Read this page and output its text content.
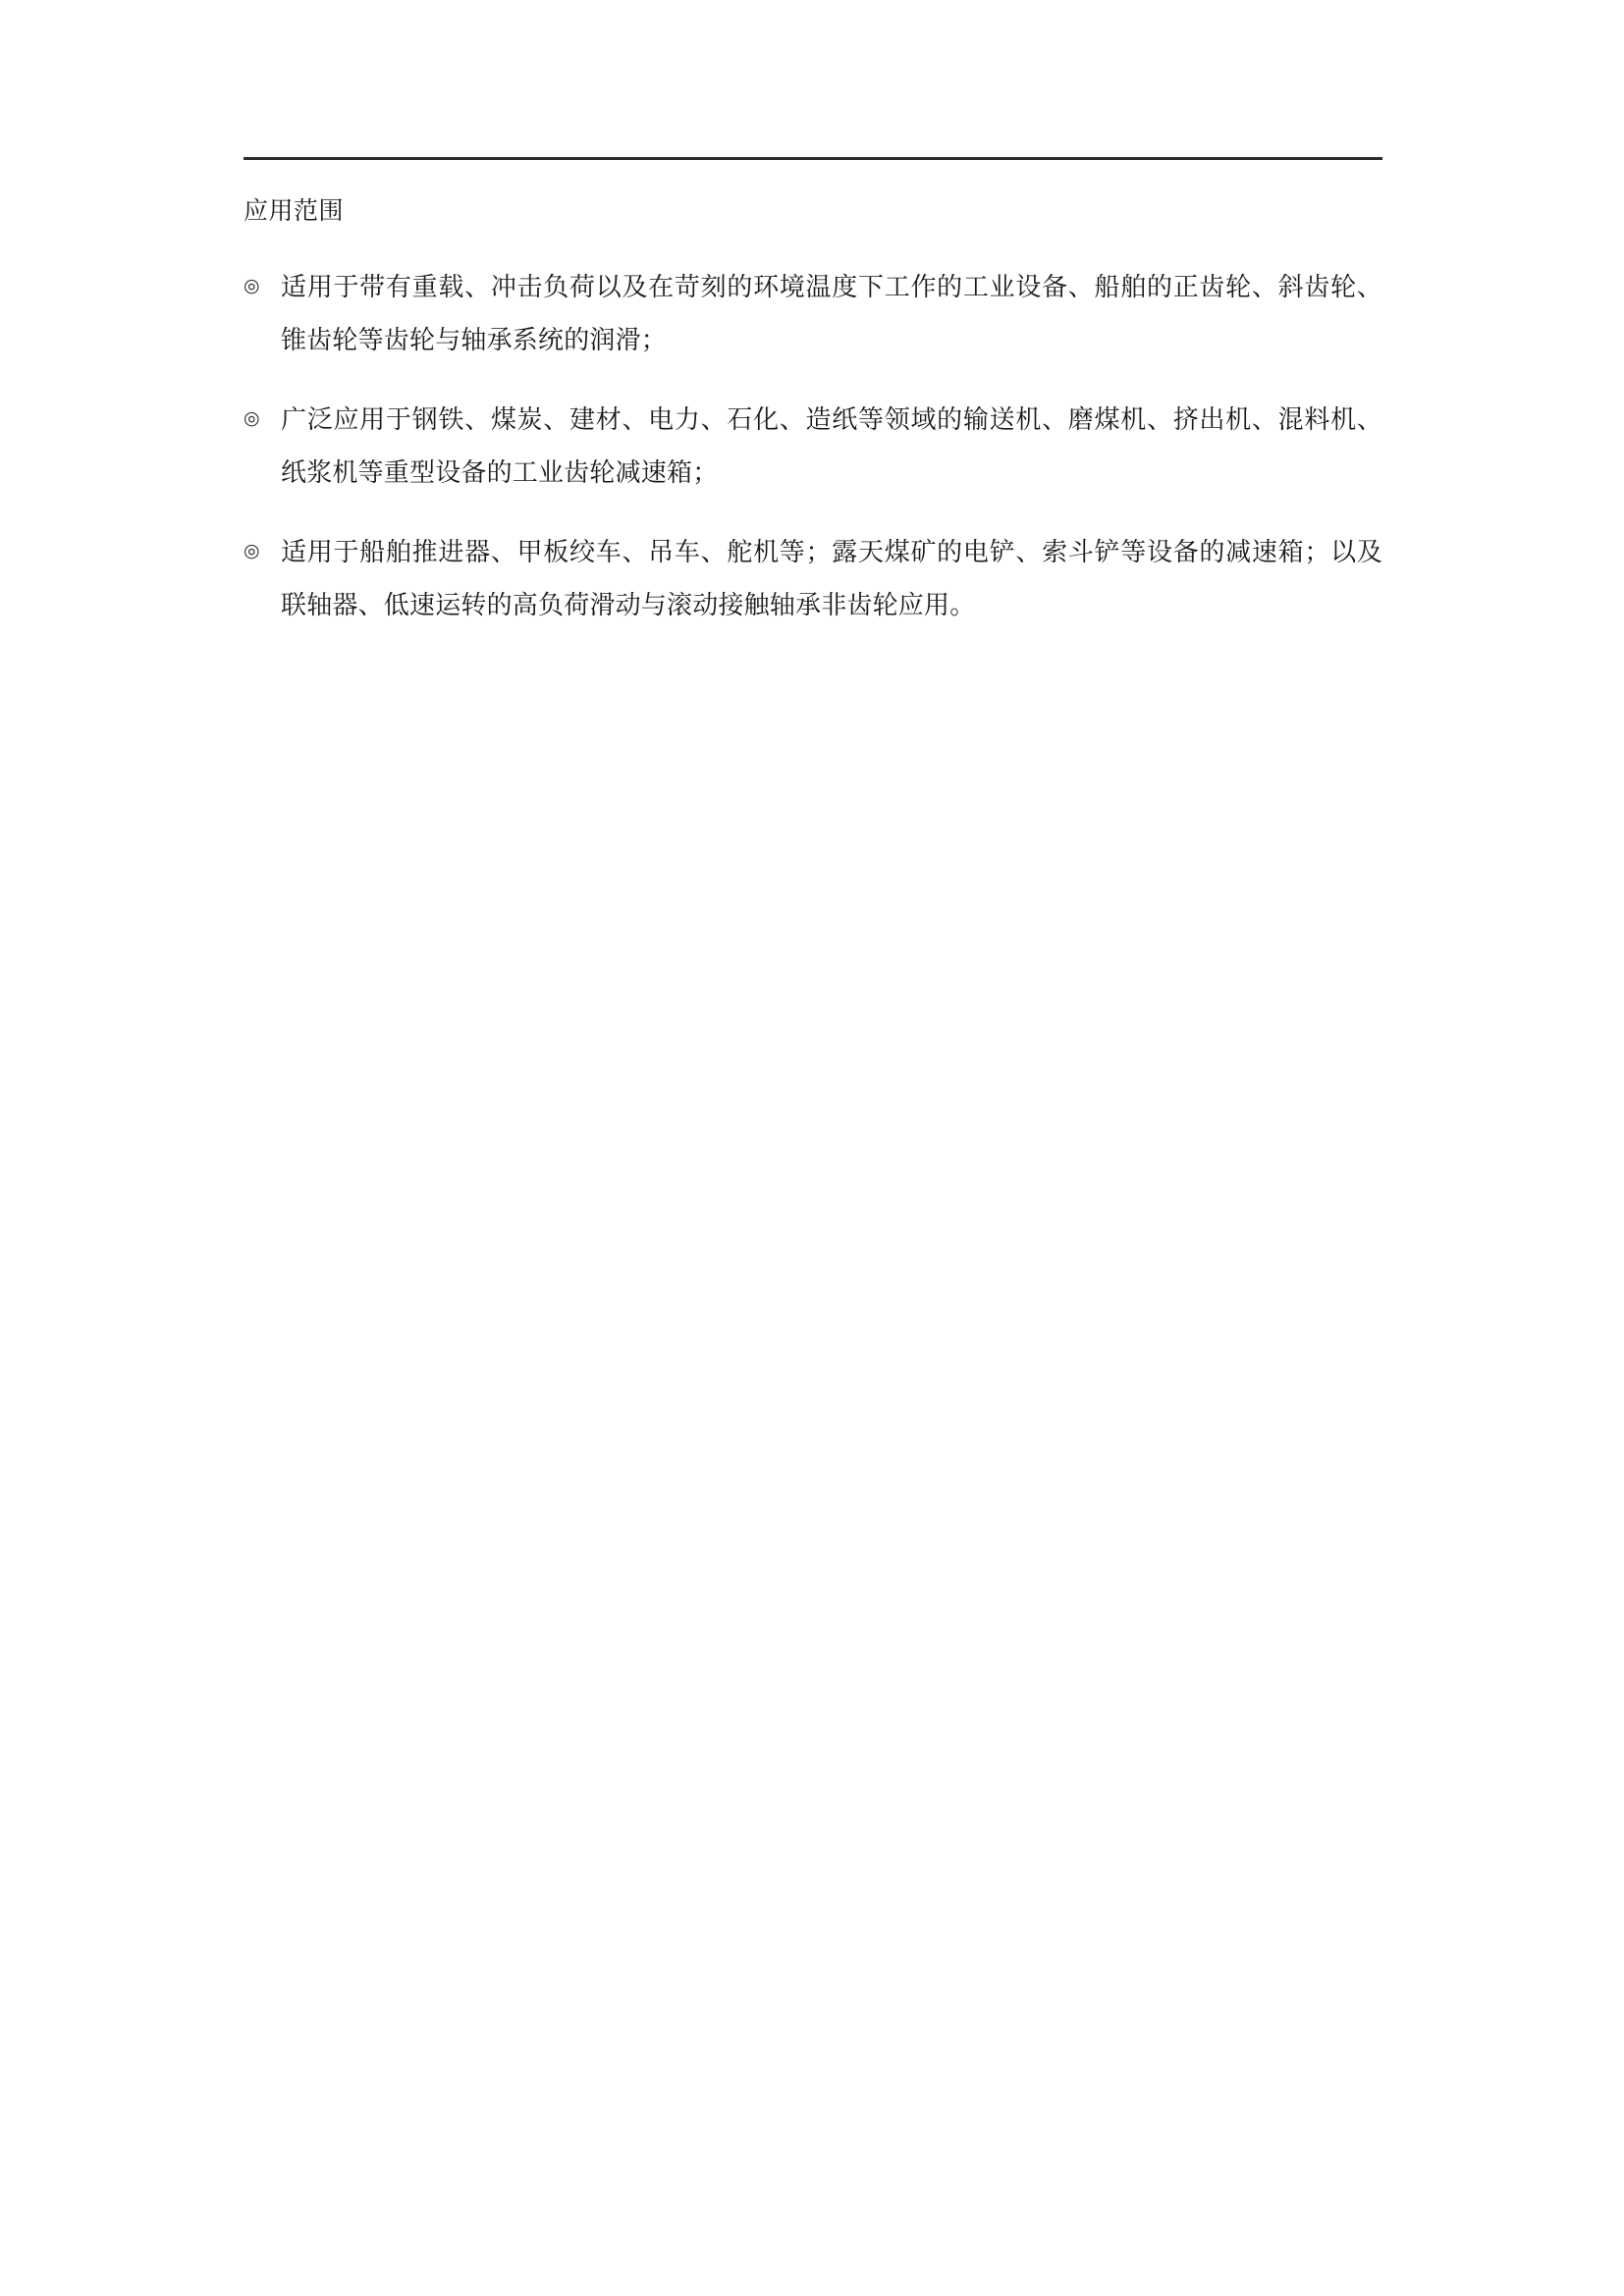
应用范围
◎ 适用于带有重载、冲击负荷以及在苛刻的环境温度下工作的工业设备、船舶的正齿轮、斜齿轮、锥齿轮等齿轮与轴承系统的润滑；
◎ 广泛应用于钢铁、煤炭、建材、电力、石化、造纸等领域的输送机、磨煤机、挤出机、混料机、纸浆机等重型设备的工业齿轮减速箱；
◎ 适用于船舶推进器、甲板绞车、吊车、舵机等；露天煤矿的电铲、索斗铲等设备的减速箱；以及联轴器、低速运转的高负荷滑动与滚动接触轴承非齿轮应用。
